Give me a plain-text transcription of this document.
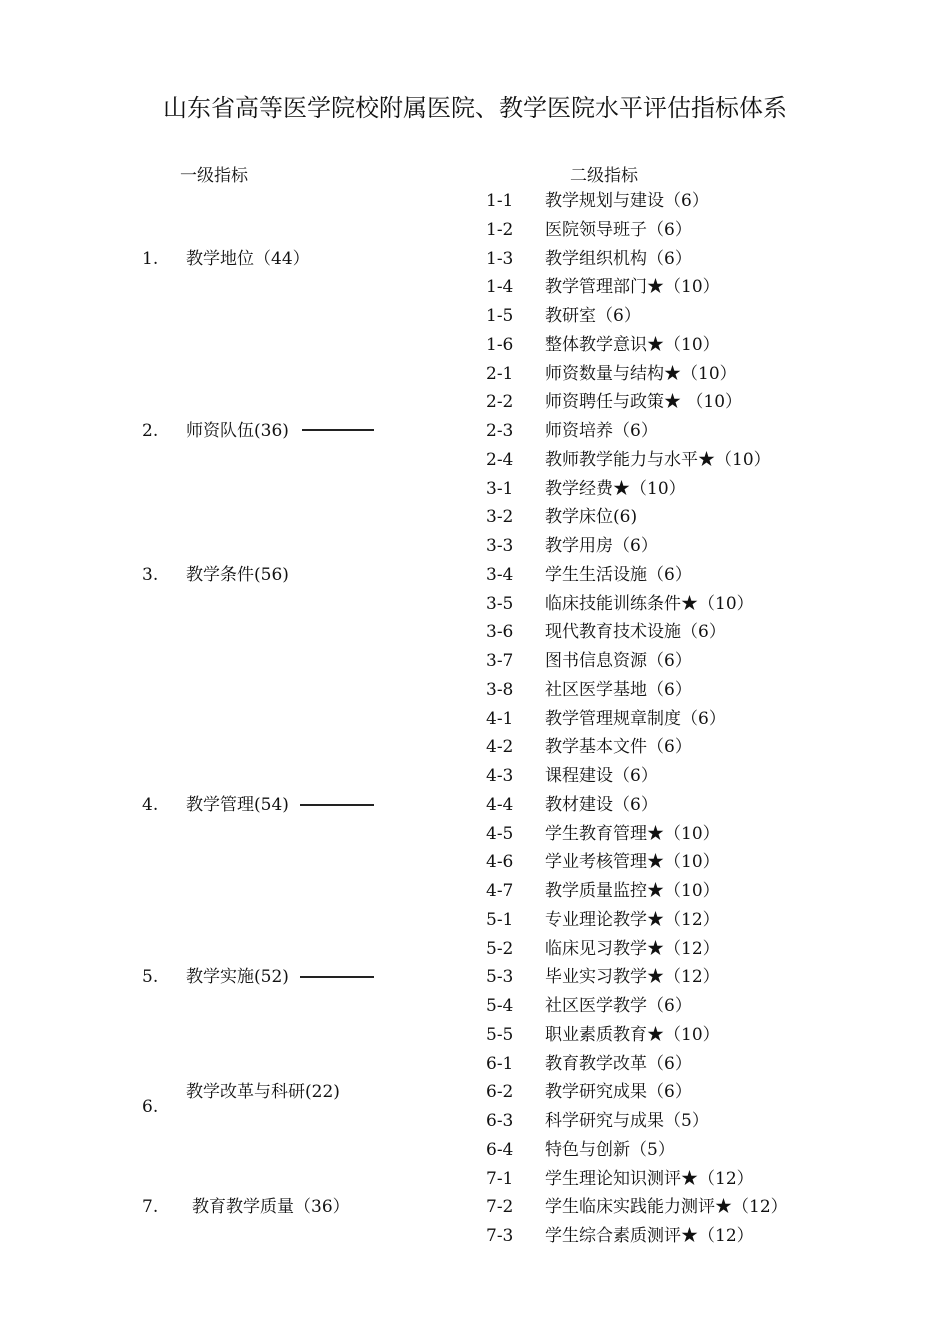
山东省高等医学院校附属医院、教学医院水平评估指标体系
一级指标	二级指标
1. 教学地位（44）
2. 师资队伍(36)
3. 教学条件(56)
4. 教学管理(54)
5. 教学实施(52)
6.
教学改革与科研(22)
7. 教育教学质量（36）
1-1 教学规划与建设（6）
1-2 医院领导班子（6）
1-3 教学组织机构（6）
1-4 教学管理部门★（10）
1-5 教研室（6）
1-6 整体教学意识★（10）
2-1 师资数量与结构★（10）
2-2 师资聘任与政策★ （10）
2-3 师资培养（6）
2-4 教师教学能力与水平★（10）
3-1 教学经费★（10）
3-2 教学床位(6)
3-3 教学用房（6）
3-4 学生生活设施（6）
3-5 临床技能训练条件★（10）
3-6 现代教育技术设施（6）
3-7 图书信息资源（6）
3-8 社区医学基地（6）
4-1 教学管理规章制度（6）
4-2 教学基本文件（6）
4-3 课程建设（6）
4-4 教材建设（6）
4-5 学生教育管理★（10）
4-6 学业考核管理★（10）
4-7 教学质量监控★（10）
5-1 专业理论教学★（12）
5-2 临床见习教学★（12）
5-3 毕业实习教学★（12）
5-4 社区医学教学（6）
5-5 职业素质教育★（10）
6-1 教育教学改革（6）
6-2 教学研究成果（6）
6-3 科学研究与成果（5）
6-4 特色与创新（5）
7-1 学生理论知识测评★（12）
7-2 学生临床实践能力测评★（12）
7-3 学生综合素质测评★（12）
